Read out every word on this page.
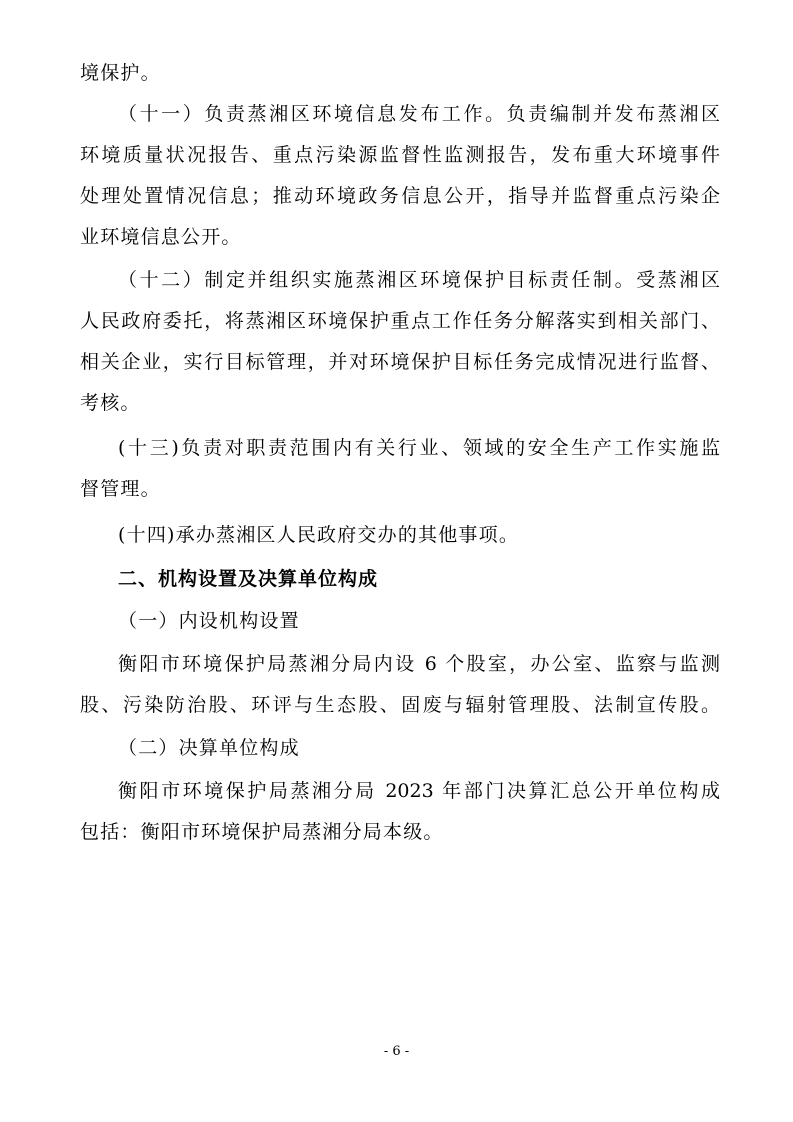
境保护。
（十一）负责蒸湘区环境信息发布工作。负责编制并发布蒸湘区
环境质量状况报告、重点污染源监督性监测报告，发布重大环境事件
处理处置情况信息；推动环境政务信息公开，指导并监督重点污染企
业环境信息公开。
（十二）制定并组织实施蒸湘区环境保护目标责任制。受蒸湘区
人民政府委托，将蒸湘区环境保护重点工作任务分解落实到相关部门、
相关企业，实行目标管理，并对环境保护目标任务完成情况进行监督、
考核。
(十三)负责对职责范围内有关行业、领域的安全生产工作实施监
督管理。
(十四)承办蒸湘区人民政府交办的其他事项。
二、机构设置及决算单位构成
（一）内设机构设置
衡阳市环境保护局蒸湘分局内设 6 个股室，办公室、监察与监测
股、污染防治股、环评与生态股、固废与辐射管理股、法制宣传股。
（二）决算单位构成
衡阳市环境保护局蒸湘分局 2023 年部门决算汇总公开单位构成
包括：衡阳市环境保护局蒸湘分局本级。
- 6 -
